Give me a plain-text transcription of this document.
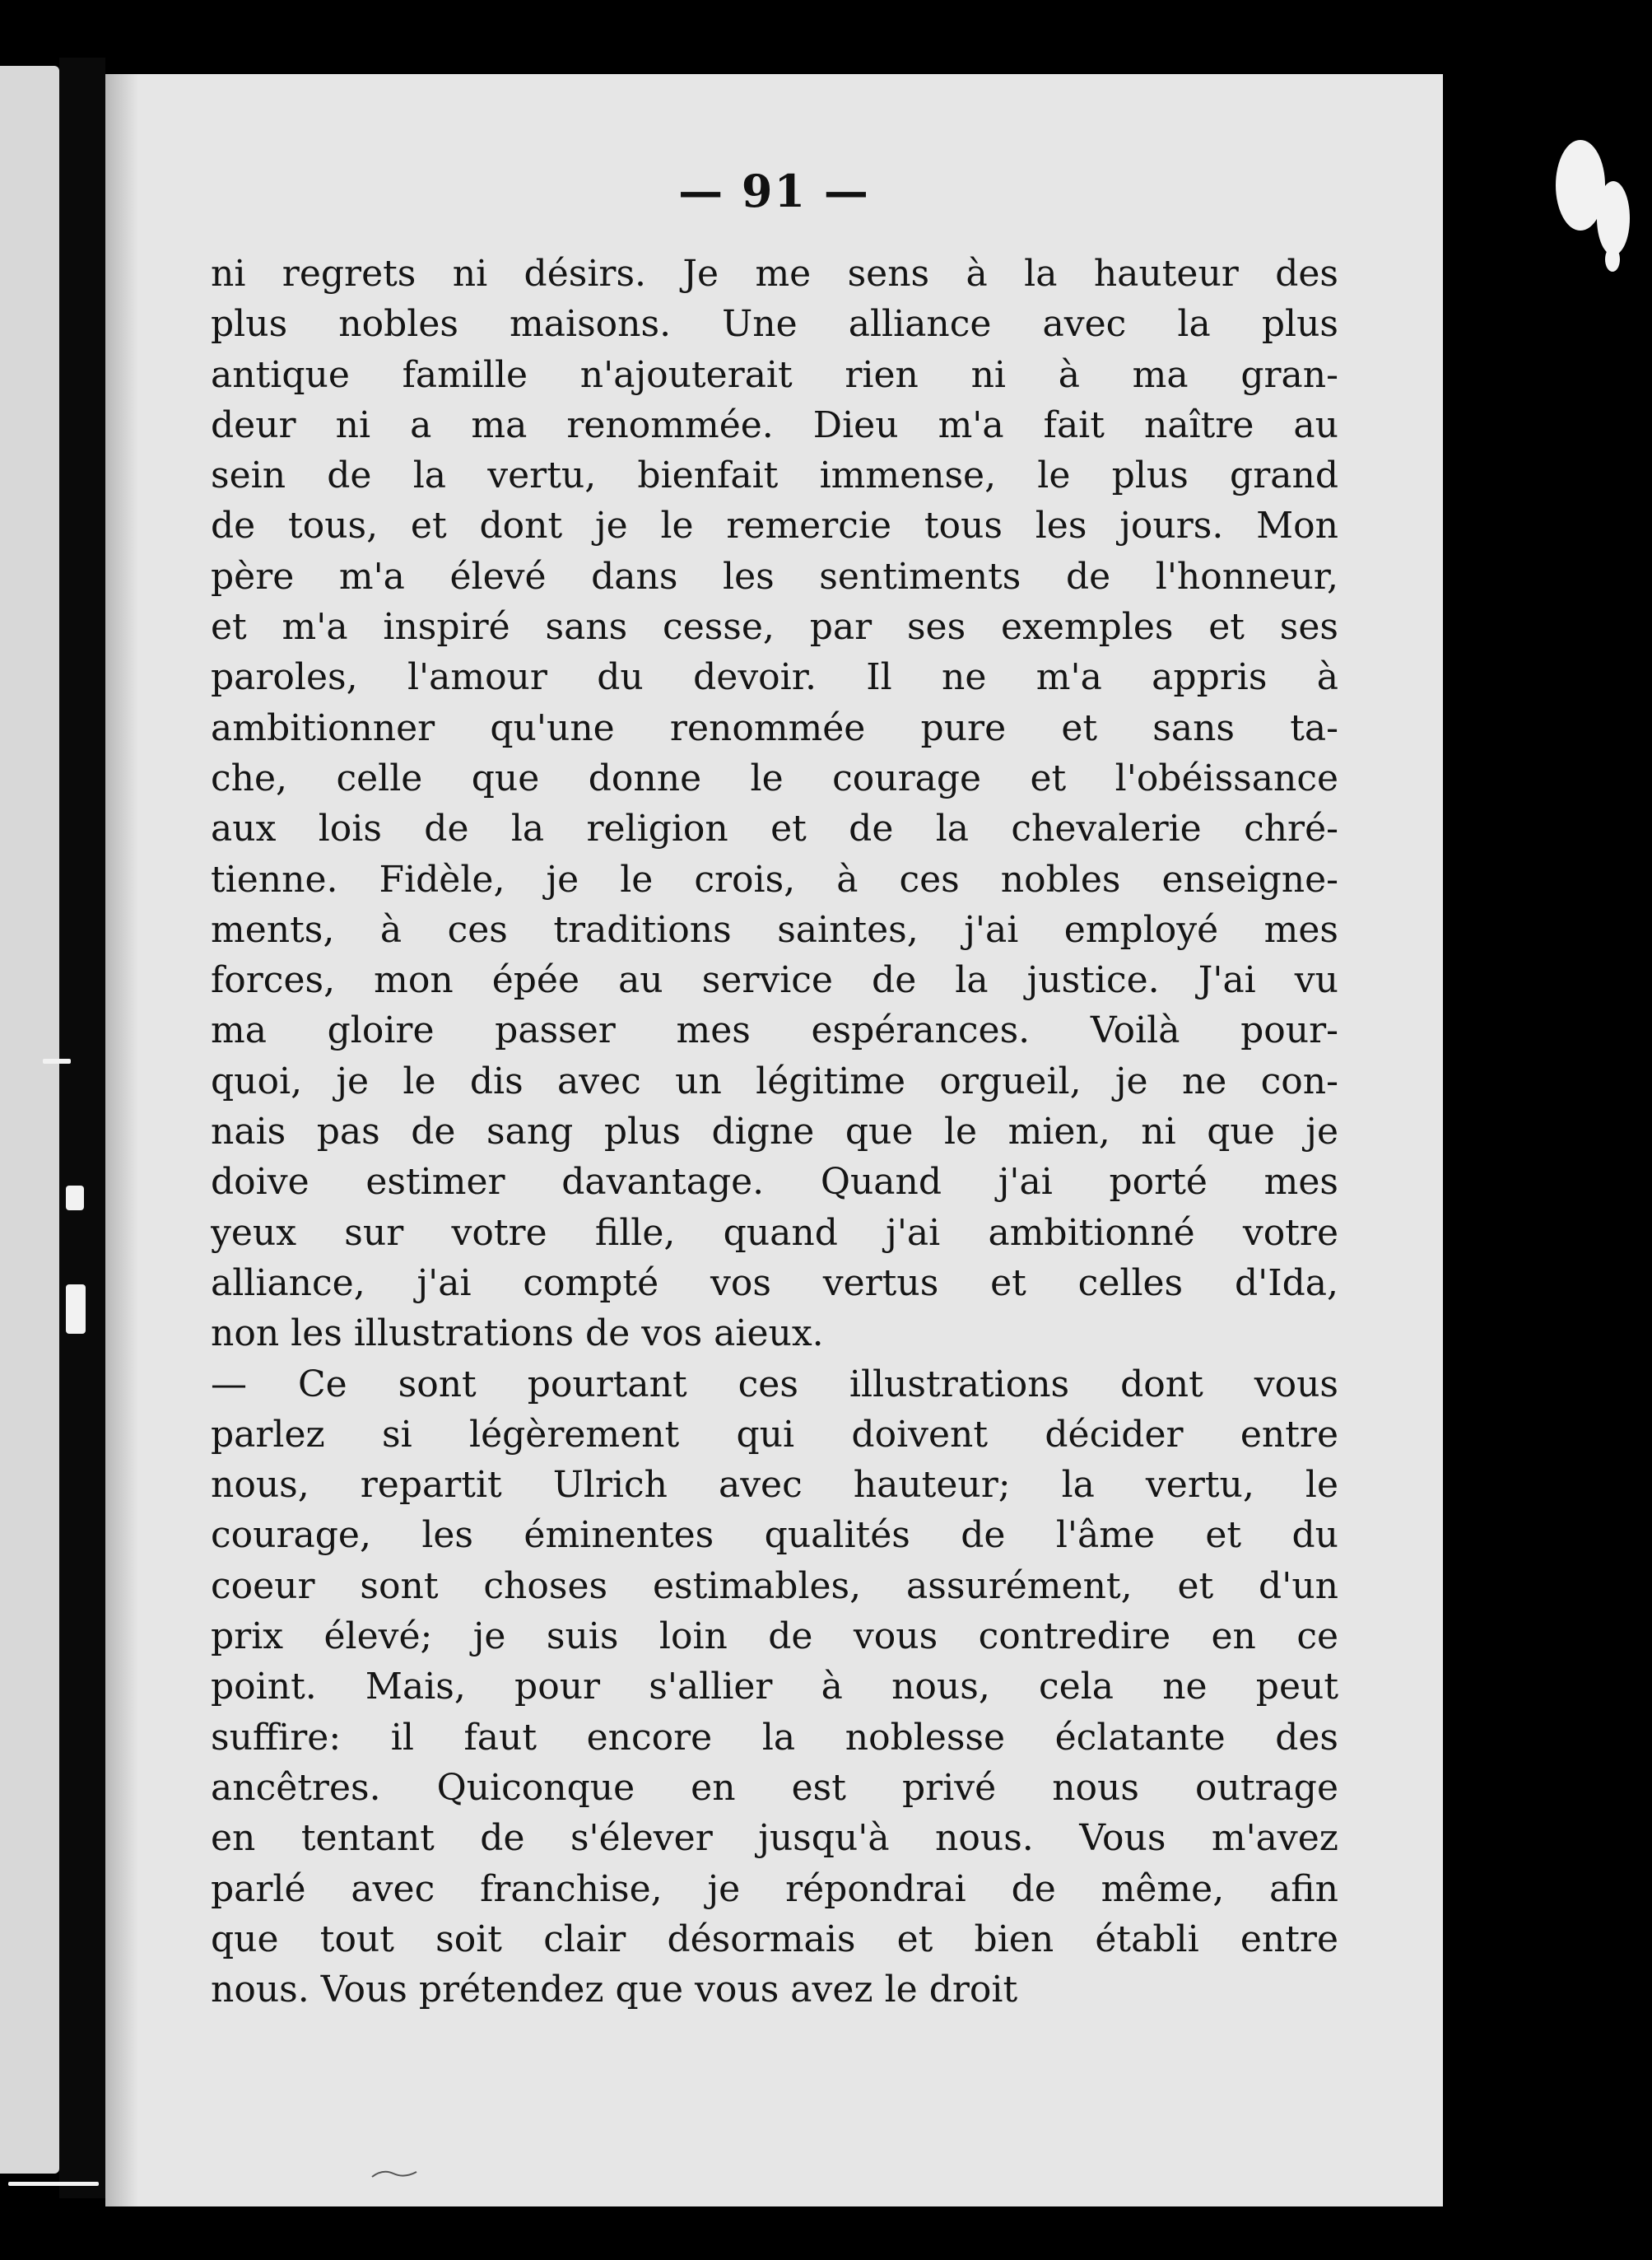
— 91 —
ni regrets ni désirs. Je me sens à la hauteur des
plus nobles maisons. Une alliance avec la plus
antique famille n'ajouterait rien ni à ma gran-
deur ni a ma renommée. Dieu m'a fait naître au
sein de la vertu, bienfait immense, le plus grand
de tous, et dont je le remercie tous les jours. Mon
père m'a élevé dans les sentiments de l'honneur,
et m'a inspiré sans cesse, par ses exemples et ses
paroles, l'amour du devoir. Il ne m'a appris à
ambitionner qu'une renommée pure et sans ta-
che, celle que donne le courage et l'obéissance
aux lois de la religion et de la chevalerie chré-
tienne. Fidèle, je le crois, à ces nobles enseigne-
ments, à ces traditions saintes, j'ai employé mes
forces, mon épée au service de la justice. J'ai vu
ma gloire passer mes espérances. Voilà pour-
quoi, je le dis avec un légitime orgueil, je ne con-
nais pas de sang plus digne que le mien, ni que je
doive estimer davantage. Quand j'ai porté mes
yeux sur votre fille, quand j'ai ambitionné votre
alliance, j'ai compté vos vertus et celles d'Ida,
non les illustrations de vos aieux.
— Ce sont pourtant ces illustrations dont vous
parlez si légèrement qui doivent décider entre
nous, repartit Ulrich avec hauteur; la vertu, le
courage, les éminentes qualités de l'âme et du
coeur sont choses estimables, assurément, et d'un
prix élevé; je suis loin de vous contredire en ce
point. Mais, pour s'allier à nous, cela ne peut
suffire: il faut encore la noblesse éclatante des
ancêtres. Quiconque en est privé nous outrage
en tentant de s'élever jusqu'à nous. Vous m'avez
parlé avec franchise, je répondrai de même, afin
que tout soit clair désormais et bien établi entre
nous. Vous prétendez que vous avez le droit
